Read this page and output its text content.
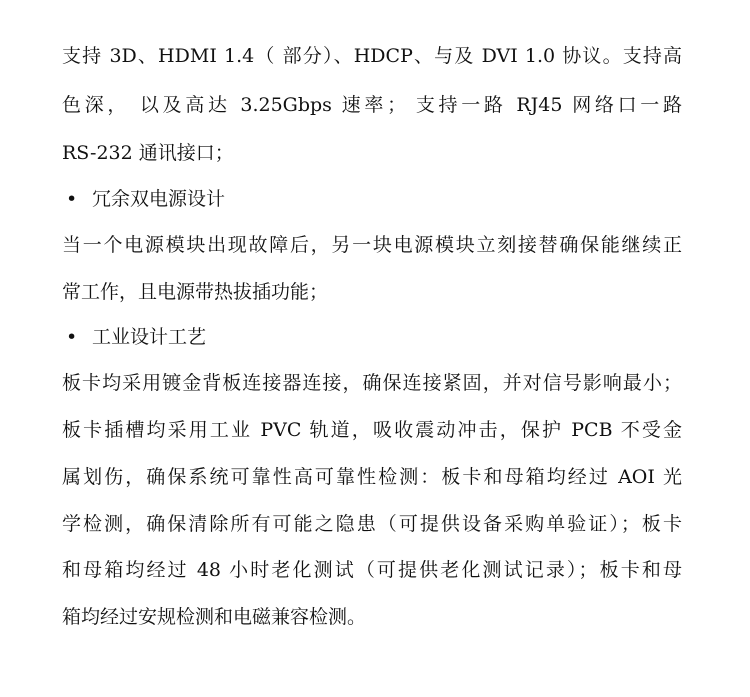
支持 3D、HDMI 1.4（ 部分）、HDCP、与及 DVI 1.0 协议。支持高
色深， 以及高达 3.25Gbps 速率； 支持一路 RJ45 网络口一路
RS-232 通讯接口；
• 冗余双电源设计
当一个电源模块出现故障后，另一块电源模块立刻接替确保能继续正
常工作，且电源带热拔插功能；
• 工业设计工艺
板卡均采用镀金背板连接器连接，确保连接紧固，并对信号影响最小；
板卡插槽均采用工业 PVC 轨道，吸收震动冲击，保护 PCB 不受金
属划伤，确保系统可靠性高可靠性检测：板卡和母箱均经过 AOI 光
学检测，确保清除所有可能之隐患（可提供设备采购单验证）；板卡
和母箱均经过 48 小时老化测试（可提供老化测试记录）；板卡和母
箱均经过安规检测和电磁兼容检测。
